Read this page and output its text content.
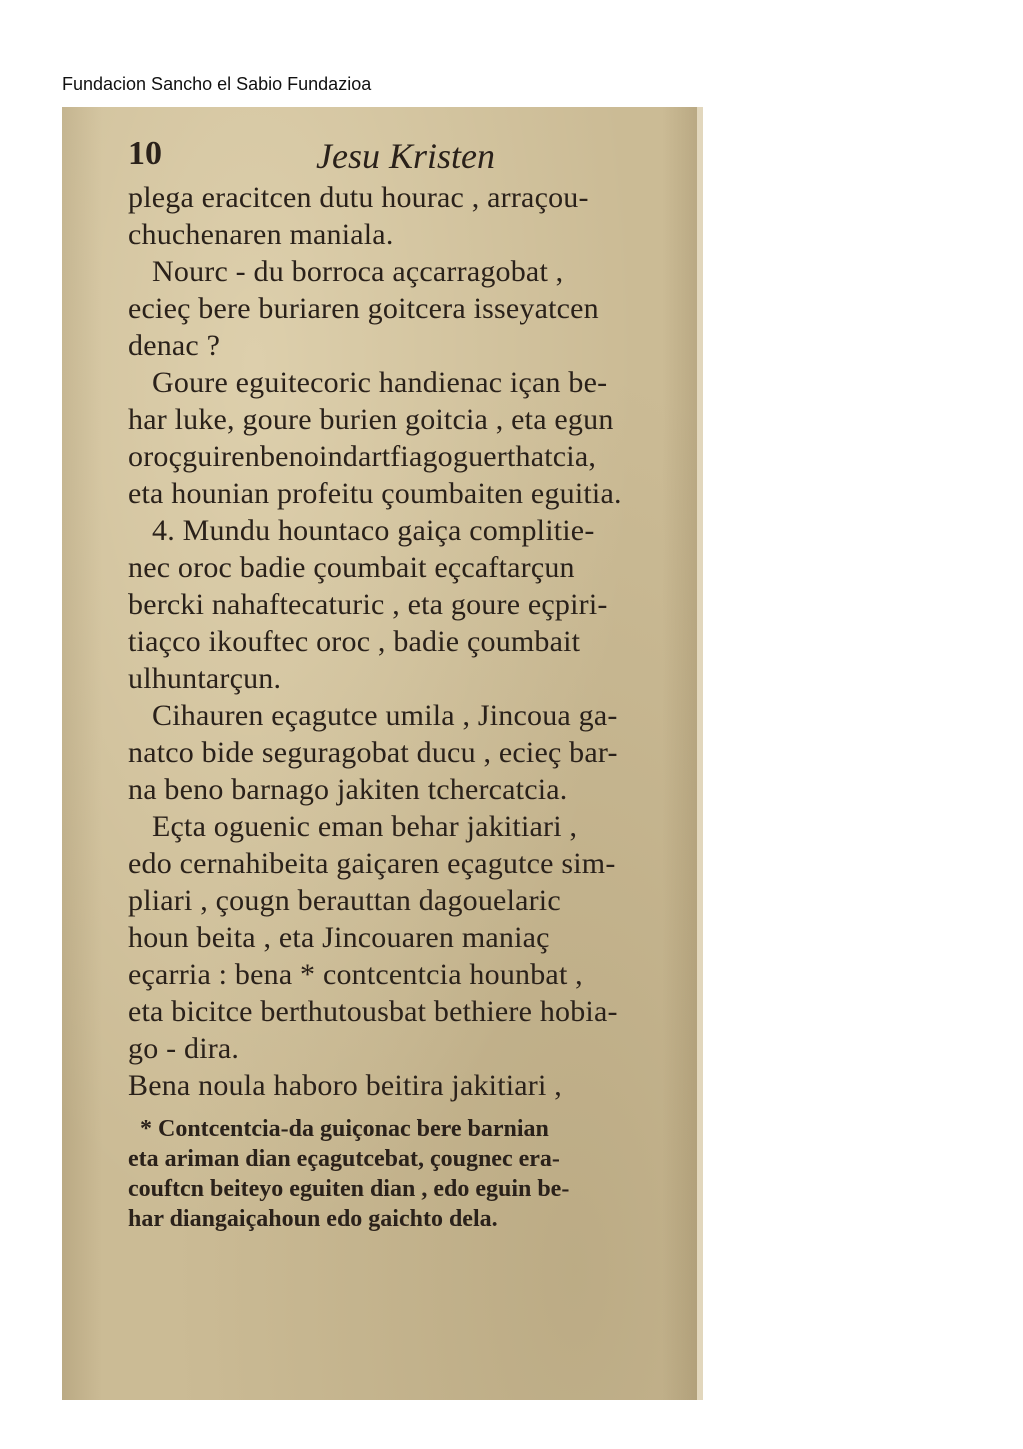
Fundacion Sancho el Sabio Fundazioa
10	Jesu Kristen
plega eracitcen dutu hourac , arraçou-
chuchenaren maniala.
Nourc - du borroca açcarragobat ,
ecieç bere buriaren goitcera isseyatcen
denac ?
Goure eguitecoric handienac içan be-
har luke, goure burien goitcia , eta egun
oroçguirenbenoindartfiagoguerthatcia,
eta hounian profeitu çoumbaiten eguitia.
4. Mundu hountaco gaiça complitie-
nec oroc badie çoumbait eçcaftarçun
bercki nahaftecaturic , eta goure eçpiri-
tiaçco ikouftec oroc , badie çoumbait
ulhuntarçun.
Cihauren eçagutce umila , Jincoua ga-
natco bide seguragobat ducu , ecieç bar-
na beno barnago jakiten tchercatcia.
Eçta oguenic eman behar jakitiari ,
edo cernahibeita gaiçaren eçagutce sim-
pliari , çougn berauttan dagouelaric
houn beita , eta Jincouaren maniaç
eçarria : bena * contcentcia hounbat ,
eta bicitce berthutousbat bethiere hobia-
go - dira.
Bena noula haboro beitira jakitiari ,
* Contcentcia-da guiçonac bere barnian
eta ariman dian eçagutcebat, çougnec era-
couftcn beiteyo eguiten dian , edo eguin be-
har diangaiçahoun edo gaichto dela.
